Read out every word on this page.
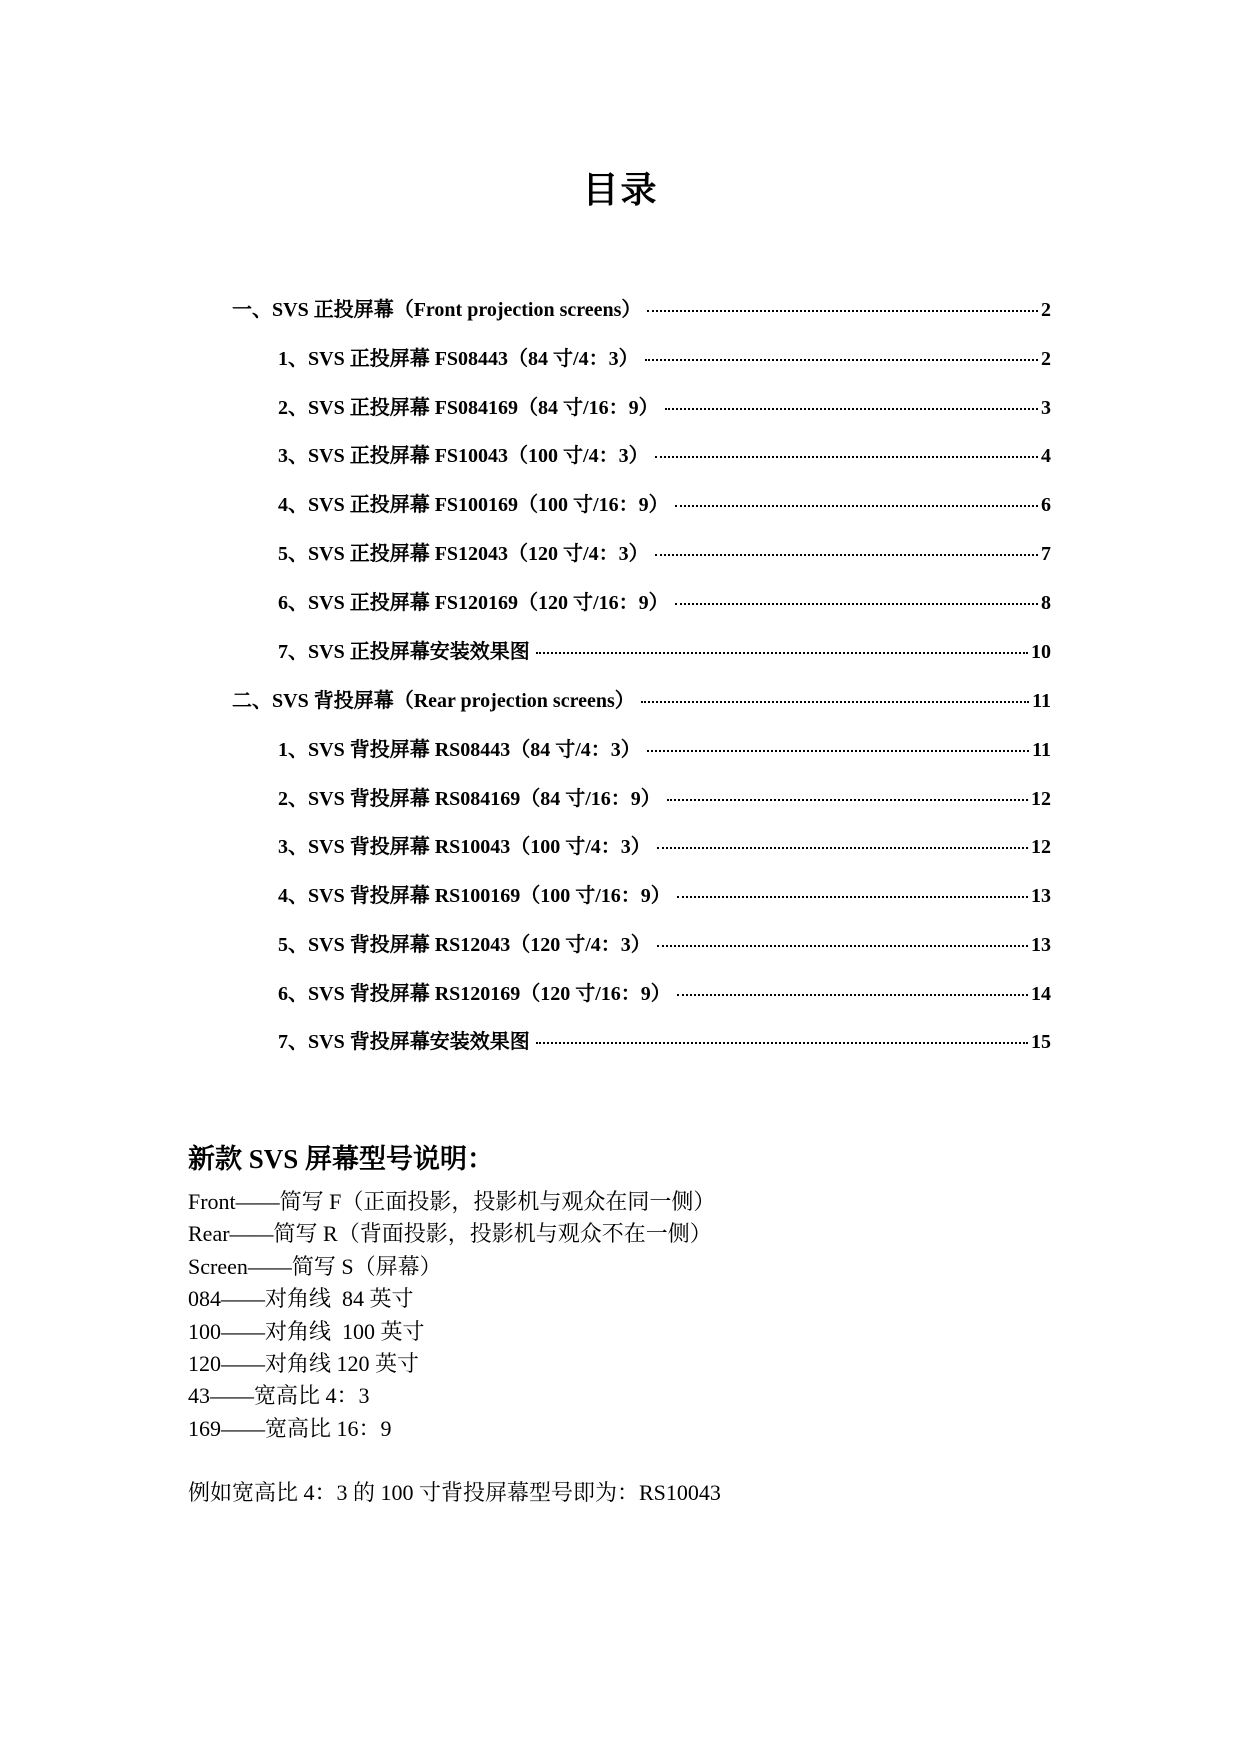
目录
一、SVS 正投屏幕（Front projection screens）	2
1、SVS 正投屏幕 FS08443（84 寸/4：3）	2
2、SVS 正投屏幕 FS084169（84 寸/16：9）	3
3、SVS 正投屏幕 FS10043（100 寸/4：3）	4
4、SVS 正投屏幕 FS100169（100 寸/16：9）	6
5、SVS 正投屏幕 FS12043（120 寸/4：3）	7
6、SVS 正投屏幕 FS120169（120 寸/16：9）	8
7、SVS 正投屏幕安装效果图	10
二、SVS 背投屏幕（Rear projection screens）	11
1、SVS 背投屏幕 RS08443（84 寸/4：3）	11
2、SVS 背投屏幕 RS084169（84 寸/16：9）	12
3、SVS 背投屏幕 RS10043（100 寸/4：3）	12
4、SVS 背投屏幕 RS100169（100 寸/16：9）	13
5、SVS 背投屏幕 RS12043（120 寸/4：3）	13
6、SVS 背投屏幕 RS120169（120 寸/16：9）	14
7、SVS 背投屏幕安装效果图	15
新款 SVS 屏幕型号说明：
Front——简写 F（正面投影，投影机与观众在同一侧）
Rear——简写 R（背面投影，投影机与观众不在一侧）
Screen——简写 S（屏幕）
084——对角线  84 英寸
100——对角线  100 英寸
120——对角线 120 英寸
43——宽高比 4：3
169——宽高比 16：9
例如宽高比 4：3 的 100 寸背投屏幕型号即为：RS10043
